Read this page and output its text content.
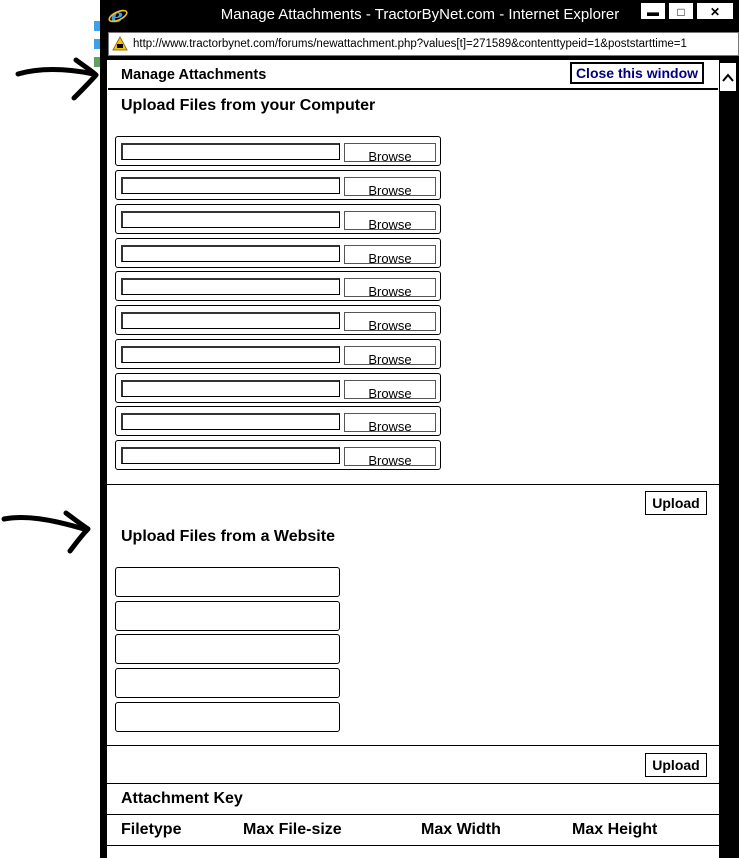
e	Manage Attachments - TractorByNet.com - Internet Explorer	▬	□	✕
http://www.tractorbynet.com/forums/newattachment.php?values[t]=271589&contenttypeid=1&poststarttime=1
Manage Attachments	Close this window
Upload Files from your Computer
Browse
Browse
Browse
Browse
Browse
Browse
Browse
Browse
Browse
Browse
Upload
Upload Files from a Website
Upload
Attachment Key
Filetype	Max File-size	Max Width	Max Height
